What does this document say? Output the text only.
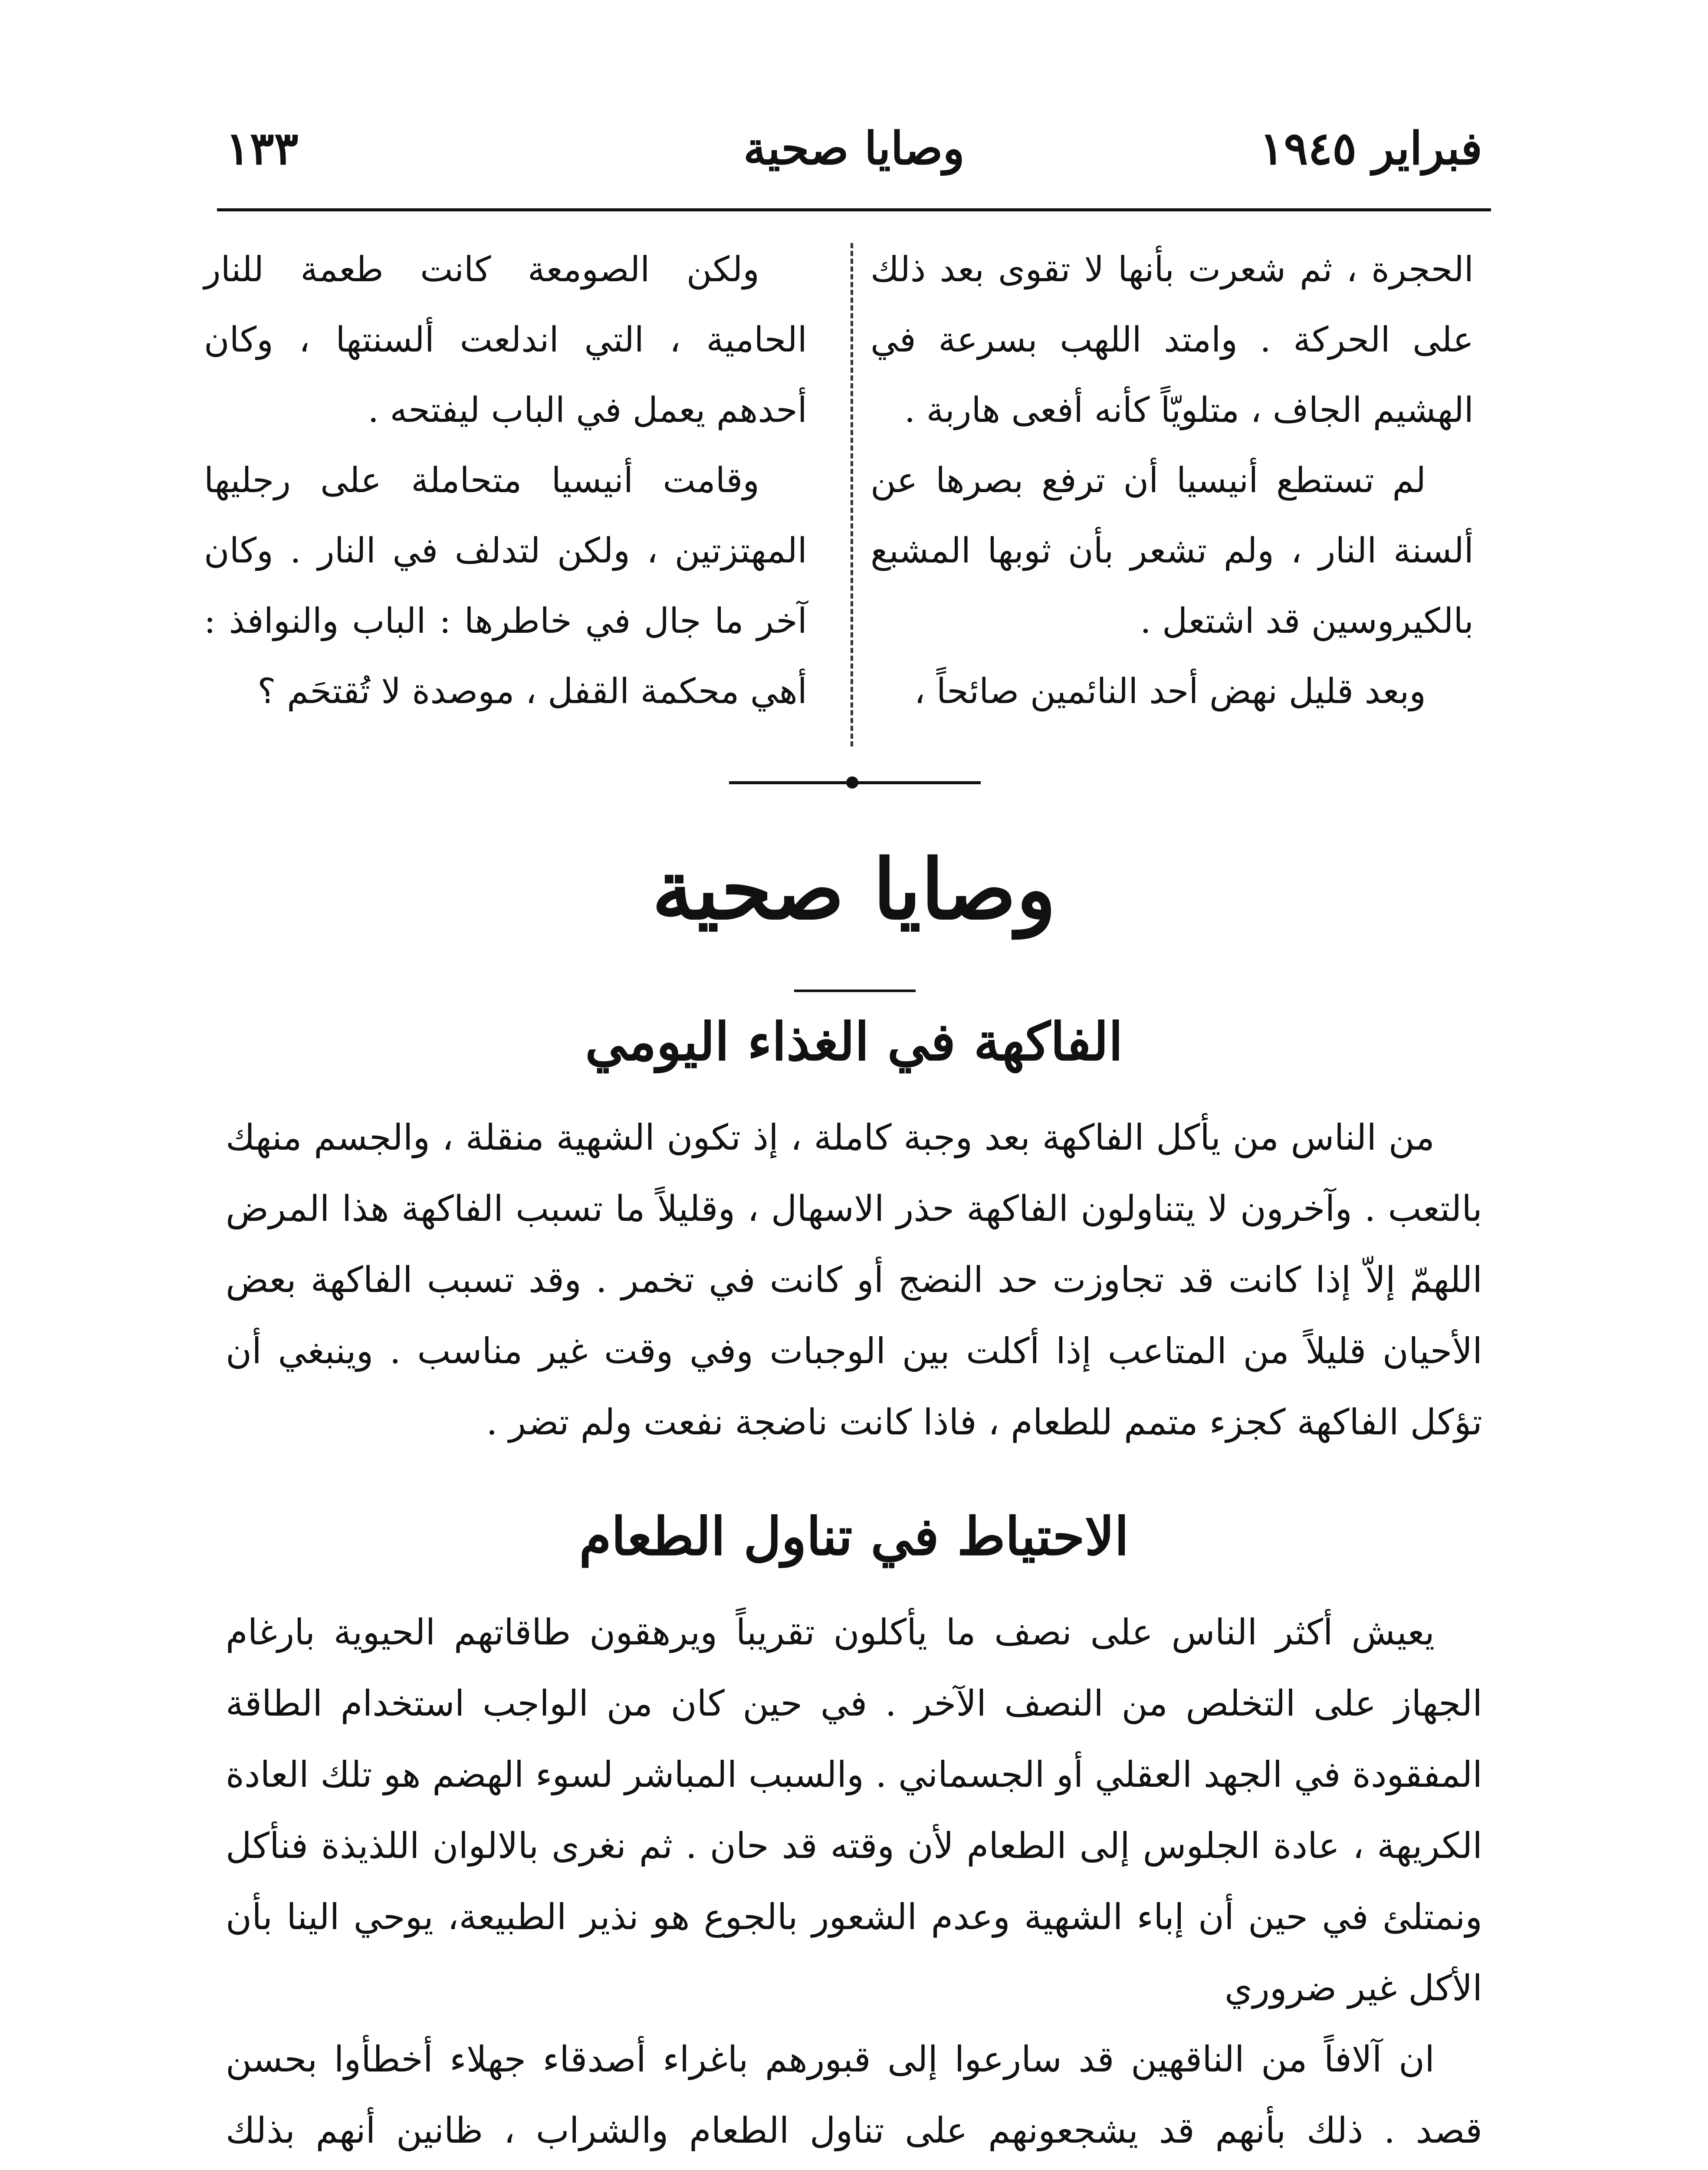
فبراير ١٩٤٥
وصايا صحية
١٣٣

الحجرة ، ثم شعرت بأنها لا تقوى بعد ذلك على الحركة . وامتد اللهب بسرعة في الهشيم الجاف ، متلويّاً كأنه أفعى هاربة .

لم تستطع أنيسيا أن ترفع بصرها عن ألسنة النار ، ولم تشعر بأن ثوبها المشبع بالكيروسين قد اشتعل .

وبعد قليل نهض أحد النائمين صائحاً ،

ولكن الصومعة كانت طعمة للنار الحامية ، التي اندلعت ألسنتها ، وكان أحدهم يعمل في الباب ليفتحه .

وقامت أنيسيا متحاملة على رجليها المهتزتين ، ولكن لتدلف في النار . وكان آخر ما جال في خاطرها : الباب والنوافذ : أهي محكمة القفل ، موصدة لا تُقتحَم ؟

وصايا صحية
الفاكهة في الغذاء اليومي

من الناس من يأكل الفاكهة بعد وجبة كاملة ، إذ تكون الشهية منقلة ، والجسم منهك بالتعب . وآخرون لا يتناولون الفاكهة حذر الاسهال ، وقليلاً ما تسبب الفاكهة هذا المرض اللهمّ إلاّ إذا كانت قد تجاوزت حد النضج أو كانت في تخمر . وقد تسبب الفاكهة بعض الأحيان قليلاً من المتاعب إذا أكلت بين الوجبات وفي وقت غير مناسب . وينبغي أن تؤكل الفاكهة كجزء متمم للطعام ، فاذا كانت ناضجة نفعت ولم تضر .

الاحتياط في تناول الطعام

يعيش أكثر الناس على نصف ما يأكلون تقريباً ويرهقون طاقاتهم الحيوية بارغام الجهاز على التخلص من النصف الآخر . في حين كان من الواجب استخدام الطاقة المفقودة في الجهد العقلي أو الجسماني . والسبب المباشر لسوء الهضم هو تلك العادة الكريهة ، عادة الجلوس إلى الطعام لأن وقته قد حان . ثم نغرى بالالوان اللذيذة فنأكل ونمتلئ في حين أن إباء الشهية وعدم الشعور بالجوع هو نذير الطبيعة، يوحي الينا بأن الأكل غير ضروري

ان آلافاً من الناقهين قد سارعوا إلى قبورهم باغراء أصدقاء جهلاء أخطأوا بحسن قصد . ذلك بأنهم قد يشجعونهم على تناول الطعام والشراب ، ظانين أنهم بذلك
